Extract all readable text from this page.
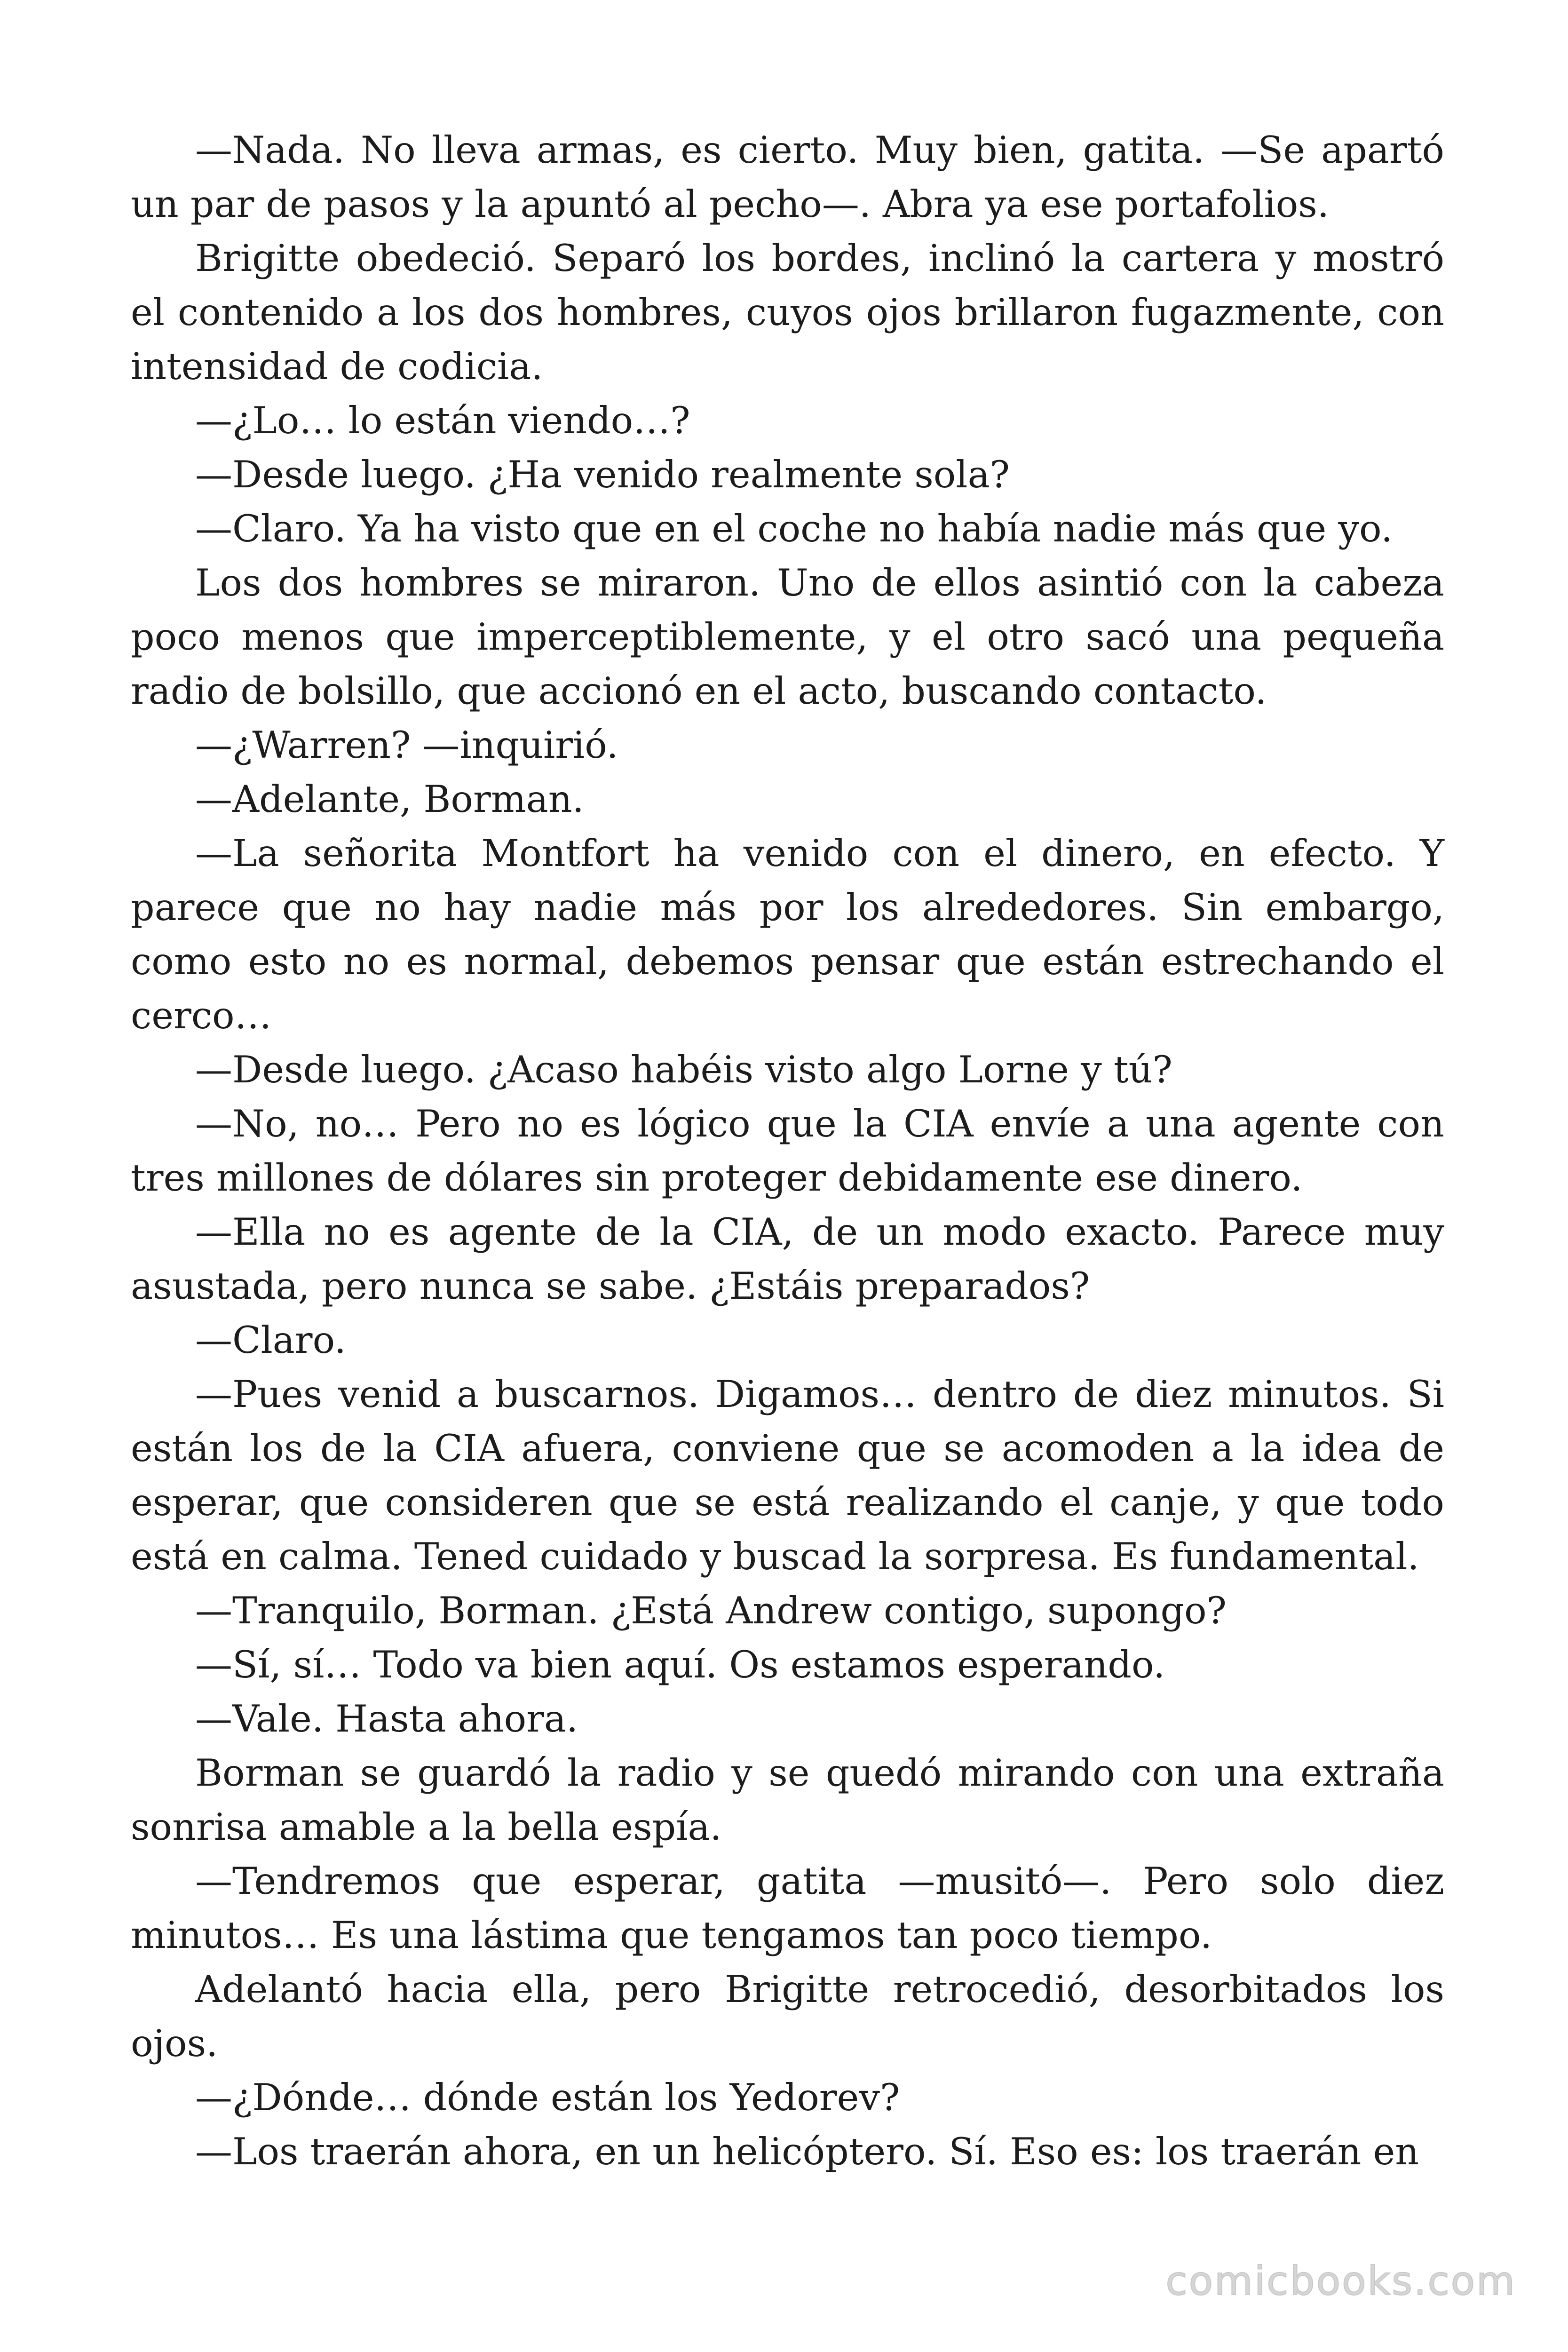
—Nada. No lleva armas, es cierto. Muy bien, gatita. —Se apartó un par de pasos y la apuntó al pecho—. Abra ya ese portafolios.

Brigitte obedeció. Separó los bordes, inclinó la cartera y mostró el contenido a los dos hombres, cuyos ojos brillaron fugazmente, con intensidad de codicia.

—¿Lo… lo están viendo…?

—Desde luego. ¿Ha venido realmente sola?

—Claro. Ya ha visto que en el coche no había nadie más que yo.

Los dos hombres se miraron. Uno de ellos asintió con la cabeza poco menos que imperceptiblemente, y el otro sacó una pequeña radio de bolsillo, que accionó en el acto, buscando contacto.

—¿Warren? —inquirió.

—Adelante, Borman.

—La señorita Montfort ha venido con el dinero, en efecto. Y parece que no hay nadie más por los alrededores. Sin embargo, como esto no es normal, debemos pensar que están estrechando el cerco…

—Desde luego. ¿Acaso habéis visto algo Lorne y tú?

—No, no… Pero no es lógico que la CIA envíe a una agente con tres millones de dólares sin proteger debidamente ese dinero.

—Ella no es agente de la CIA, de un modo exacto. Parece muy asustada, pero nunca se sabe. ¿Estáis preparados?

—Claro.

—Pues venid a buscarnos. Digamos… dentro de diez minutos. Si están los de la CIA afuera, conviene que se acomoden a la idea de esperar, que consideren que se está realizando el canje, y que todo está en calma. Tened cuidado y buscad la sorpresa. Es fundamental.

—Tranquilo, Borman. ¿Está Andrew contigo, supongo?

—Sí, sí… Todo va bien aquí. Os estamos esperando.

—Vale. Hasta ahora.

Borman se guardó la radio y se quedó mirando con una extraña sonrisa amable a la bella espía.

—Tendremos que esperar, gatita —musitó—. Pero solo diez minutos… Es una lástima que tengamos tan poco tiempo.

Adelantó hacia ella, pero Brigitte retrocedió, desorbitados los ojos.

—¿Dónde… dónde están los Yedorev?

—Los traerán ahora, en un helicóptero. Sí. Eso es: los traerán en

comicbooks.com
